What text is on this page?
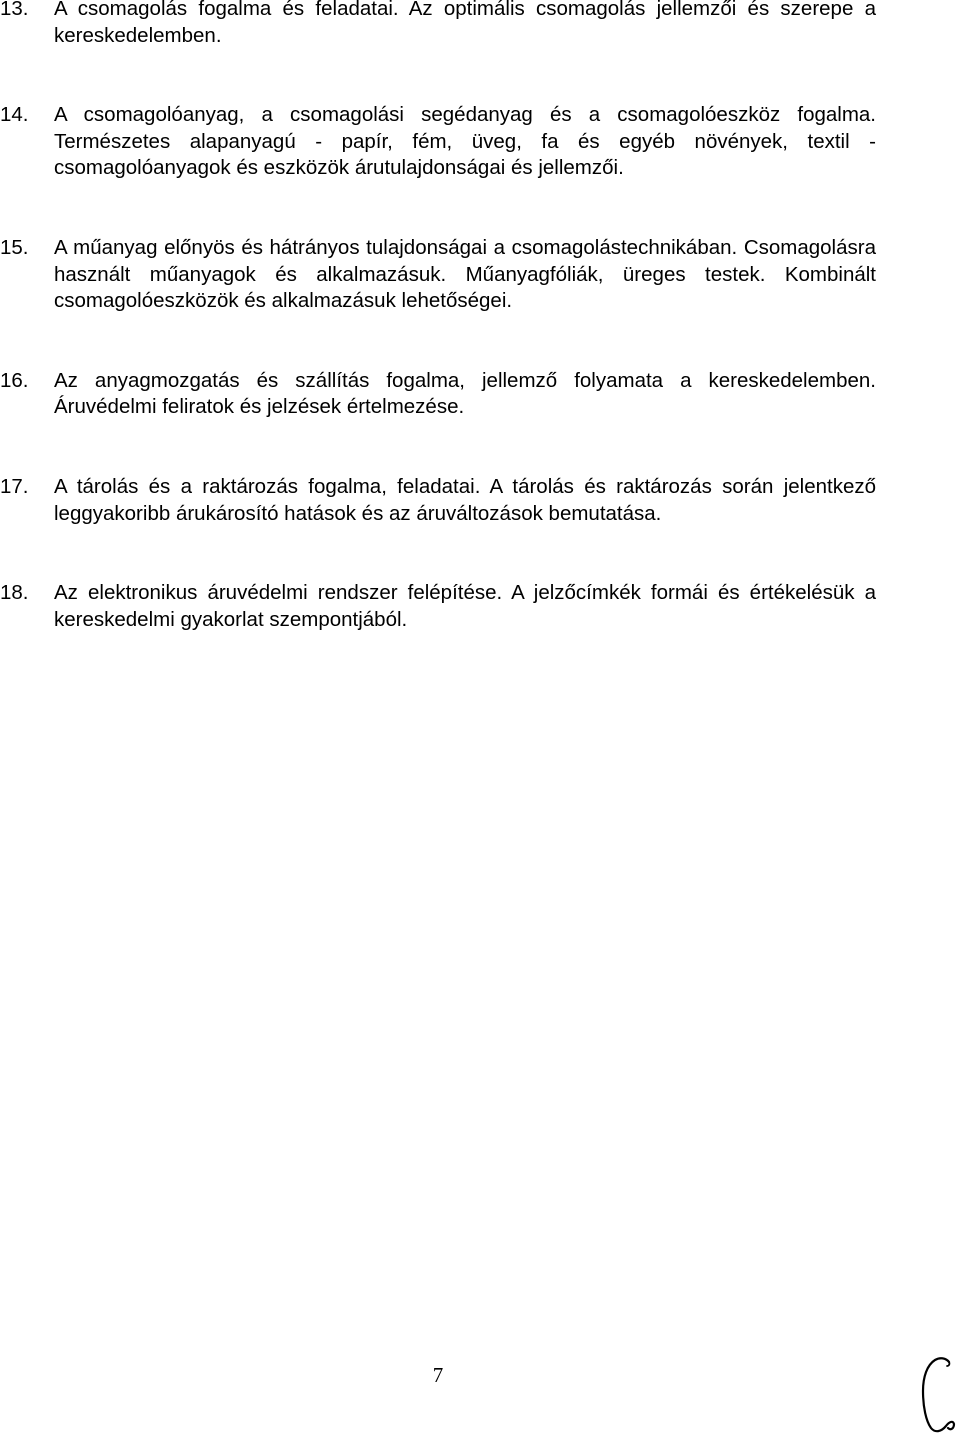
13. A csomagolás fogalma és feladatai. Az optimális csomagolás jellemzői és szerepe a kereskedelemben.
14. A csomagolóanyag, a csomagolási segédanyag és a csomagolóeszköz fogalma. Természetes alapanyagú - papír, fém, üveg, fa és egyéb növények, textil - csomagolóanyagok és eszközök árutulajdonságai és jellemzői.
15. A műanyag előnyös és hátrányos tulajdonságai a csomagolástechnikában. Csomagolásra használt műanyagok és alkalmazásuk. Műanyagfóliák, üreges testek. Kombinált csomagolóeszközök és alkalmazásuk lehetőségei.
16. Az anyagmozgatás és szállítás fogalma, jellemző folyamata a kereskedelemben. Áruvédelmi feliratok és jelzések értelmezése.
17. A tárolás és a raktározás fogalma, feladatai. A tárolás és raktározás során jelentkező leggyakoribb árukárosító hatások és az áruváltozások bemutatása.
18. Az elektronikus áruvédelmi rendszer felépítése. A jelzőcímkék formái és értékelésük a kereskedelmi gyakorlat szempontjából.
7
